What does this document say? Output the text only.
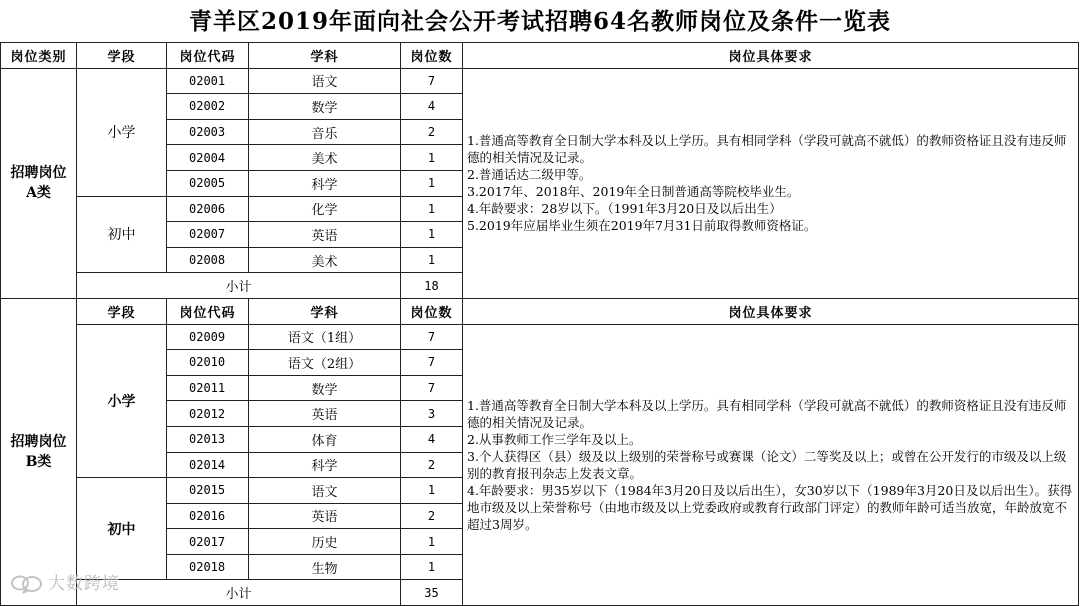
青羊区2019年面向社会公开考试招聘64名教师岗位及条件一览表
岗位类别	学段	岗位代码	学科	岗位数	岗位具体要求
招聘岗位A类	小学	02001	语文	7	1.普通高等教育全日制大学本科及以上学历。具有相同学科（学段可就高不就低）的教师资格证且没有违反师德的相关情况及记录。
2.普通话达二级甲等。
3.2017年、2018年、2019年全日制普通高等院校毕业生。
4.年龄要求：28岁以下。（1991年3月20日及以后出生）
5.2019年应届毕业生须在2019年7月31日前取得教师资格证。

		02002	数学	4	
		02003	音乐	2	
		02004	美术	1	
		02005	科学	1	
	初中	02006	化学	1	
		02007	英语	1	
		02008	美术	1	
	小计			18	
招聘岗位B类	学段	岗位代码	学科	岗位数	岗位具体要求
	小学	02009	语文（1组）	7	1.普通高等教育全日制大学本科及以上学历。具有相同学科（学段可就高不就低）的教师资格证且没有违反师德的相关情况及记录。
2.从事教师工作三学年及以上。
3.个人获得区（县）级及以上级别的荣誉称号或赛课（论文）二等奖及以上；或曾在公开发行的市级及以上级别的教育报刊杂志上发表文章。
4.年龄要求：男35岁以下（1984年3月20日及以后出生），女30岁以下（1989年3月20日及以后出生）。获得地市级及以上荣誉称号（由地市级及以上党委政府或教育行政部门评定）的教师年龄可适当放宽，年龄放宽不超过3周岁。

		02010	语文（2组）	7	
		02011	数学	7	
		02012	英语	3	
		02013	体育	4	
		02014	科学	2	
	初中	02015	语文	1	
		02016	英语	2	
		02017	历史	1	
		02018	生物	1	
	小计			35	
大数跨境
